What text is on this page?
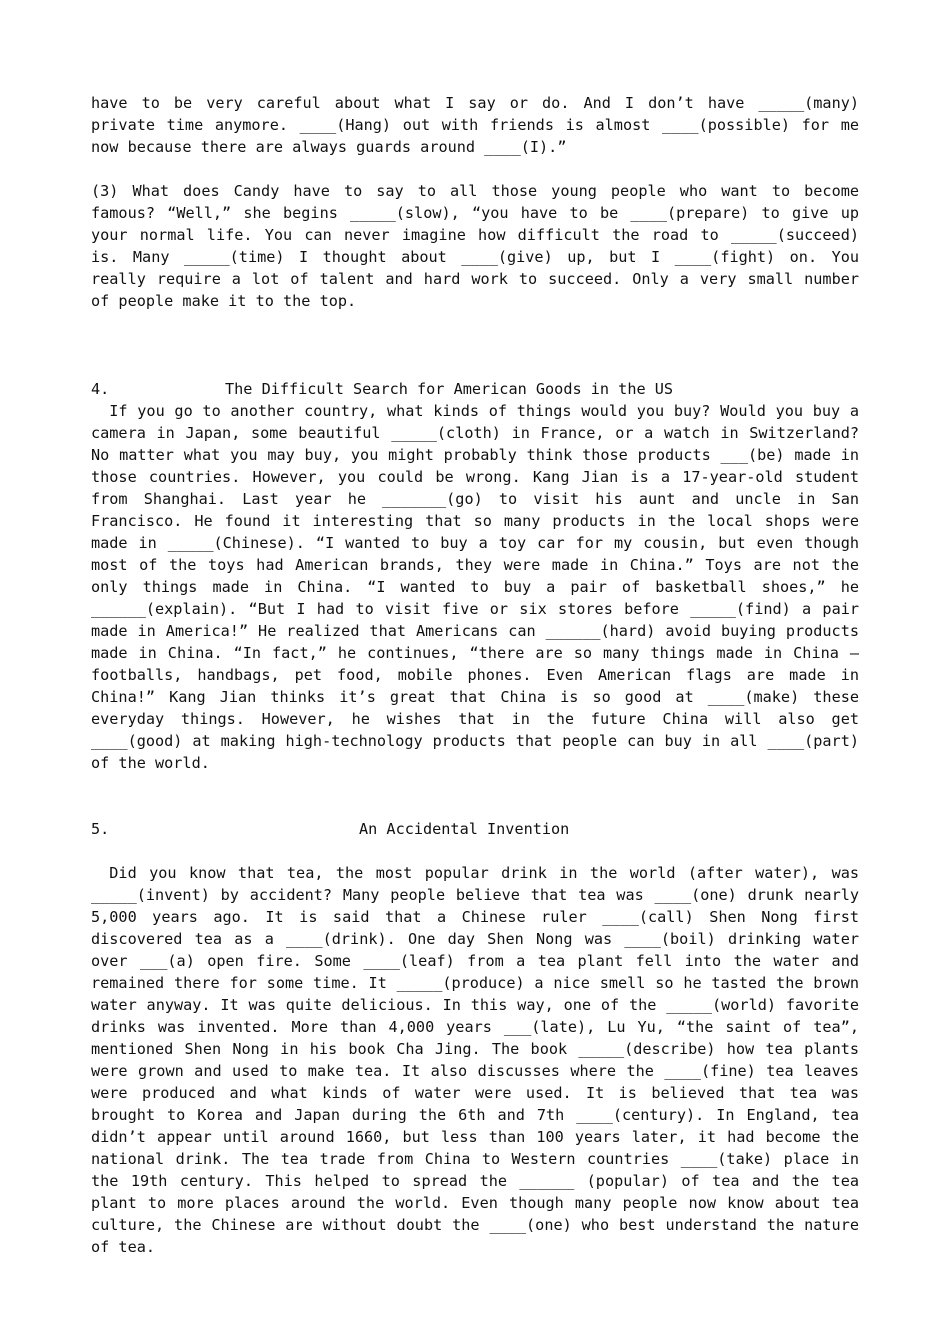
have to be very careful about what I say or do. And I don’t have _____(many) private time anymore. ____(Hang) out with friends is almost ____(possible) for me now because there are always guards around ____(I).”

(3) What does Candy have to say to all those young people who want to become famous? “Well,” she begins _____(slow), “you have to be ____(prepare) to give up your normal life. You can never imagine how difficult the road to _____(succeed) is. Many _____(time) I thought about ____(give) up, but I ____(fight) on. You really require a lot of talent and hard work to succeed. Only a very small number of people make it to the top.

4.	The Difficult Search for American Goods in the US

If you go to another country, what kinds of things would you buy? Would you buy a camera in Japan, some beautiful _____(cloth) in France, or a watch in Switzerland? No matter what you may buy, you might probably think those products ___(be) made in those countries. However, you could be wrong. Kang Jian is a 17-year-old student from Shanghai. Last year he _______(go) to visit his aunt and uncle in San Francisco. He found it interesting that so many products in the local shops were made in _____(Chinese). “I wanted to buy a toy car for my cousin, but even though most of the toys had American brands, they were made in China.” Toys are not the only things made in China. “I wanted to buy a pair of basketball shoes,” he ______(explain). “But I had to visit five or six stores before _____(find) a pair made in America!” He realized that Americans can ______(hard) avoid buying products made in China. “In fact,” he continues, “there are so many things made in China — footballs, handbags, pet food, mobile phones. Even American flags are made in China!” Kang Jian thinks it’s great that China is so good at ____(make) these everyday things. However, he wishes that in the future China will also get ____(good) at making high-technology products that people can buy in all ____(part) of the world.

5.	An Accidental Invention

Did you know that tea, the most popular drink in the world (after water), was _____(invent) by accident? Many people believe that tea was ____(one) drunk nearly 5,000 years ago. It is said that a Chinese ruler ____(call) Shen Nong first discovered tea as a ____(drink). One day Shen Nong was ____(boil) drinking water over ___(a) open fire. Some ____(leaf) from a tea plant fell into the water and remained there for some time. It _____(produce) a nice smell so he tasted the brown water anyway. It was quite delicious. In this way, one of the _____(world) favorite drinks was invented. More than 4,000 years ___(late), Lu Yu, “the saint of tea”, mentioned Shen Nong in his book Cha Jing. The book _____(describe) how tea plants were grown and used to make tea. It also discusses where the ____(fine) tea leaves were produced and what kinds of water were used. It is believed that tea was brought to Korea and Japan during the 6th and 7th ____(century). In England, tea didn’t appear until around 1660, but less than 100 years later, it had become the national drink. The tea trade from China to Western countries ____(take) place in the 19th century. This helped to spread the ______ (popular) of tea and the tea plant to more places around the world. Even though many people now know about tea culture, the Chinese are without doubt the ____(one) who best understand the nature of tea.
